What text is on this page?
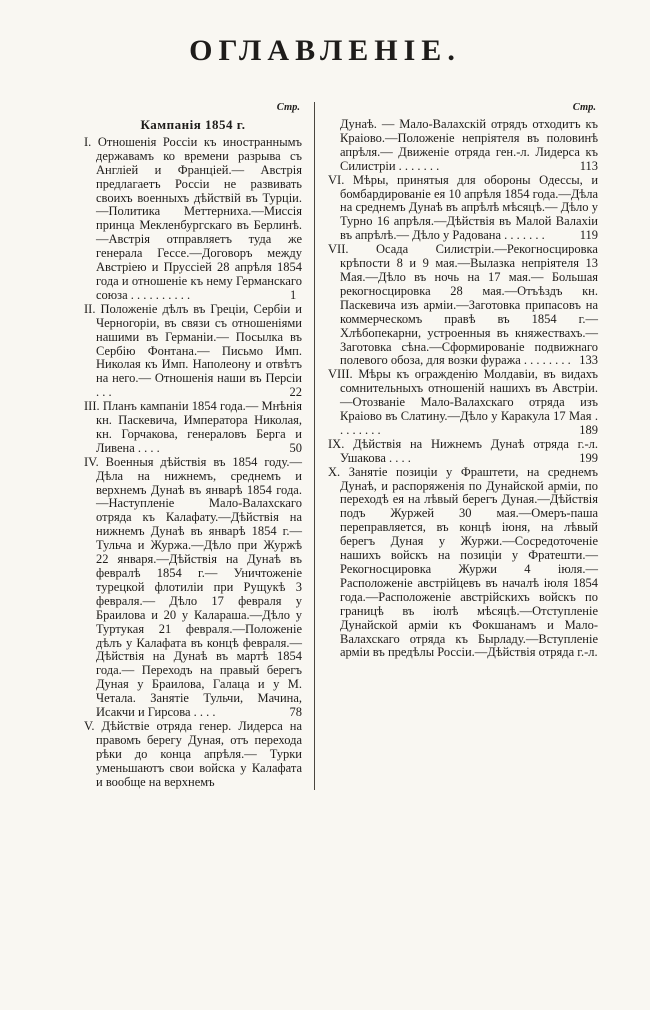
ОГЛАВЛЕНІЕ.
Стр.
Кампанія 1854 г.

I. Отношенія Россіи къ иностраннымъ державамъ ко времени разрыва съ Англіей и Франціей.— Австрія предлагаетъ Россіи не развивать своихъ военныхъ дѣйствій въ Турціи.—Политика Меттерниха.—Миссія принца Мекленбургскаго въ Берлинѣ.—Австрія отправляетъ туда же генерала Гессе.—Договоръ между Австріею и Пруссіей 28 апрѣля 1854 года и отношеніе къ нему Германскаго союза . . . . . . . . . .	1

II. Положеніе дѣлъ въ Греціи, Сербіи и Черногоріи, въ связи съ отношеніями нашими въ Германіи.— Посылка въ Сербію Фонтана.— Письмо Имп. Николая къ Имп. Наполеону и отвѣтъ на него.— Отношенія наши въ Персіи . . .	22

III. Планъ кампаніи 1854 года.— Мнѣнія кн. Паскевича, Императора Николая, кн. Горчакова, генераловъ Берга и Ливена . . . .	50

IV. Военныя дѣйствія въ 1854 году.— Дѣла на нижнемъ, среднемъ и верхнемъ Дунаѣ въ январѣ 1854 года.—Наступленіе Мало-Валахскаго отряда къ Калафату.—Дѣйствія на нижнемъ Дунаѣ въ январѣ 1854 г.—Тульча и Журжа.—Дѣло при Журжѣ 22 января.—Дѣйствія на Дунаѣ въ февралѣ 1854 г.— Уничтоженіе турецкой флотиліи при Рущукѣ 3 февраля.— Дѣло 17 февраля у Браилова и 20 у Калараша.—Дѣло у Туртукая 21 февраля.—Положеніе дѣлъ у Калафата въ концѣ февраля.—Дѣйствія на Дунаѣ въ мартѣ 1854 года.— Переходъ на правый берегъ Дуная у Браилова, Галаца и у М. Четала. Занятіе Тульчи, Мачина, Исакчи и Гирсова . . . .	78

V. Дѣйствіе отряда генер. Лидерса на правомъ берегу Дуная, отъ перехода рѣки до конца апрѣля.— Турки уменьшаютъ свои войска у Калафата и вообще на верхнемъ

Стр.

Дунаѣ. — Мало-Валахскій отрядъ отходитъ къ Краіово.—Положеніе непріятеля въ половинѣ апрѣля.— Движеніе отряда ген.-л. Лидерса къ Силистріи . . . . . . .	113

VI. Мѣры, принятыя для обороны Одессы, и бомбардированіе ея 10 апрѣля 1854 года.—Дѣла на среднемъ Дунаѣ въ апрѣлѣ мѣсяцѣ.— Дѣло у Турно 16 апрѣля.—Дѣйствія въ Малой Валахіи въ апрѣлѣ.— Дѣло у Радована . . . . . . .	119

VII. Осада Силистріи.—Рекогносцировка крѣпости 8 и 9 мая.—Вылазка непріятеля 13 Мая.—Дѣло въ ночь на 17 мая.— Большая рекогносцировка 28 мая.—Отъѣздъ кн. Паскевича изъ арміи.—Заготовка припасовъ на коммерческомъ правѣ въ 1854 г.—Хлѣбопекарни, устроенныя въ княжествахъ.— Заготовка сѣна.—Сформированіе подвижнаго полевого обоза, для возки фуража . . . . . . . . 133

VIII. Мѣры къ огражденію Молдавіи, въ видахъ сомнительныхъ отношеній нашихъ въ Австріи.—Отозваніе Мало-Валахскаго отряда изъ Краіово въ Слатину.—Дѣло у Каракула 17 Мая . . . . . . . .	189

IX. Дѣйствія на Нижнемъ Дунаѣ отряда г.-л. Ушакова . . . .	199

X. Занятіе позиціи у Фраштети, на среднемъ Дунаѣ, и распоряженія по Дунайской арміи, по переходѣ ея на лѣвый берегъ Дуная.—Дѣйствія подъ Журжей 30 мая.—Омеръ-паша переправляется, въ концѣ іюня, на лѣвый берегъ Дуная у Журжи.—Сосредоточеніе нашихъ войскъ на позиціи у Фратешти.— Рекогносцировка Журжи 4 іюля.— Расположеніе австрійцевъ въ началѣ іюля 1854 года.—Расположеніе австрійскихъ войскъ по границѣ въ іюлѣ мѣсяцѣ.—Отступленіе Дунайской арміи къ Фокшанамъ и Мало-Валахскаго отряда къ Бырладу.—Вступленіе арміи въ предѣлы Россіи.—Дѣйствія отряда г.-л.
